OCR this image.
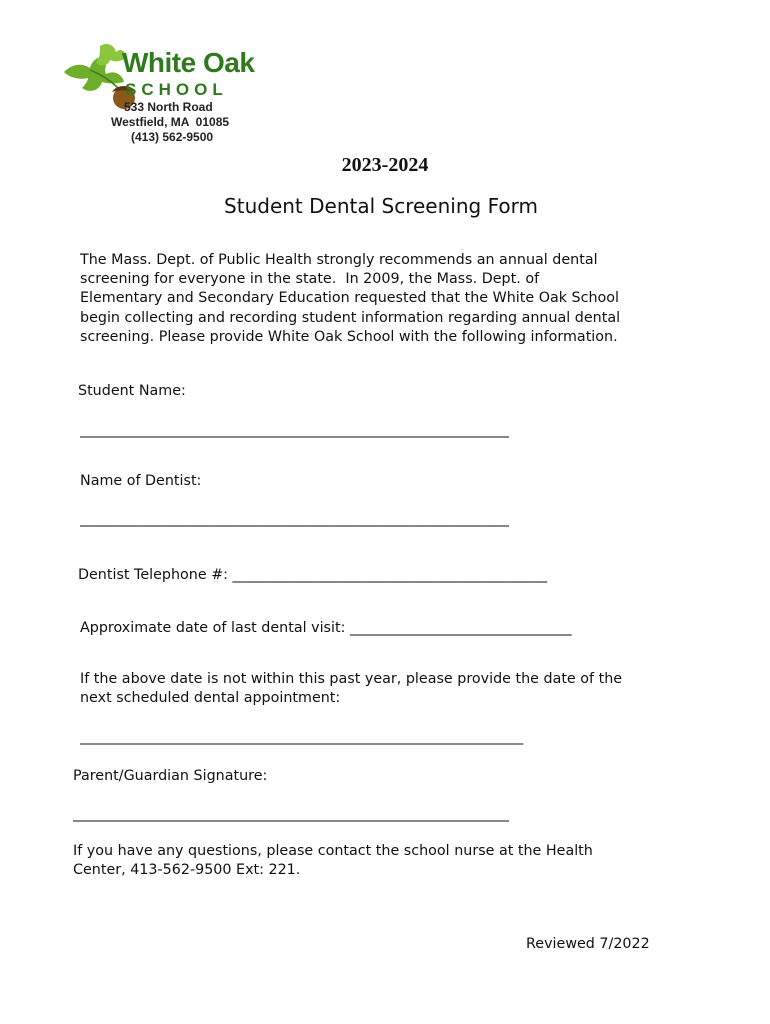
White Oak
SCHOOL
533 North Road
Westfield, MA  01085
(413) 562-9500
2023-2024
Student Dental Screening Form
The Mass. Dept. of Public Health strongly recommends an annual dental
screening for everyone in the state.  In 2009, the Mass. Dept. of
Elementary and Secondary Education requested that the White Oak School
begin collecting and recording student information regarding annual dental
screening. Please provide White Oak School with the following information.
Student Name:
____________________________________________________________
Name of Dentist:
____________________________________________________________
Dentist Telephone #: ____________________________________________
Approximate date of last dental visit: _______________________________
If the above date is not within this past year, please provide the date of the
next scheduled dental appointment:
______________________________________________________________
Parent/Guardian Signature:
_____________________________________________________________
If you have any questions, please contact the school nurse at the Health
Center, 413-562-9500 Ext: 221.
Reviewed 7/2022
